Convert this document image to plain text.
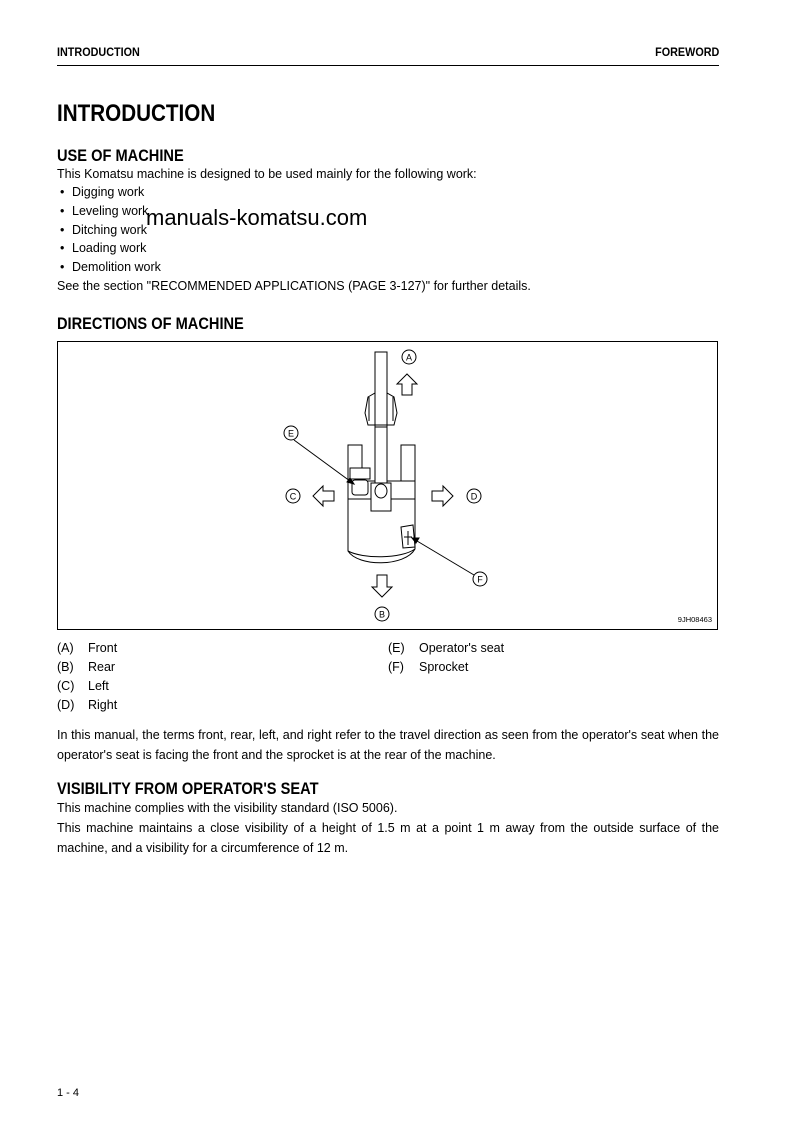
INTRODUCTION	FOREWORD
INTRODUCTION
USE OF MACHINE
This Komatsu machine is designed to be used mainly for the following work:
• Digging work
• Leveling work
• Ditching work
• Loading work
• Demolition work
See the section "RECOMMENDED APPLICATIONS (PAGE 3-127)" for further details.
manuals-komatsu.com
DIRECTIONS OF MACHINE
A
B
C	D
E
F
9JH08463
(A)	Front
(B)	Rear
(C)	Left
(D)	Right
(E)	Operator's seat
(F)	Sprocket
In this manual, the terms front, rear, left, and right refer to the travel direction as seen from the operator's seat when the operator's seat is facing the front and the sprocket is at the rear of the machine.
VISIBILITY FROM OPERATOR'S SEAT
This machine complies with the visibility standard (ISO 5006).
This machine maintains a close visibility of a height of 1.5 m at a point 1 m away from the outside surface of the machine, and a visibility for a circumference of 12 m.
1 - 4
